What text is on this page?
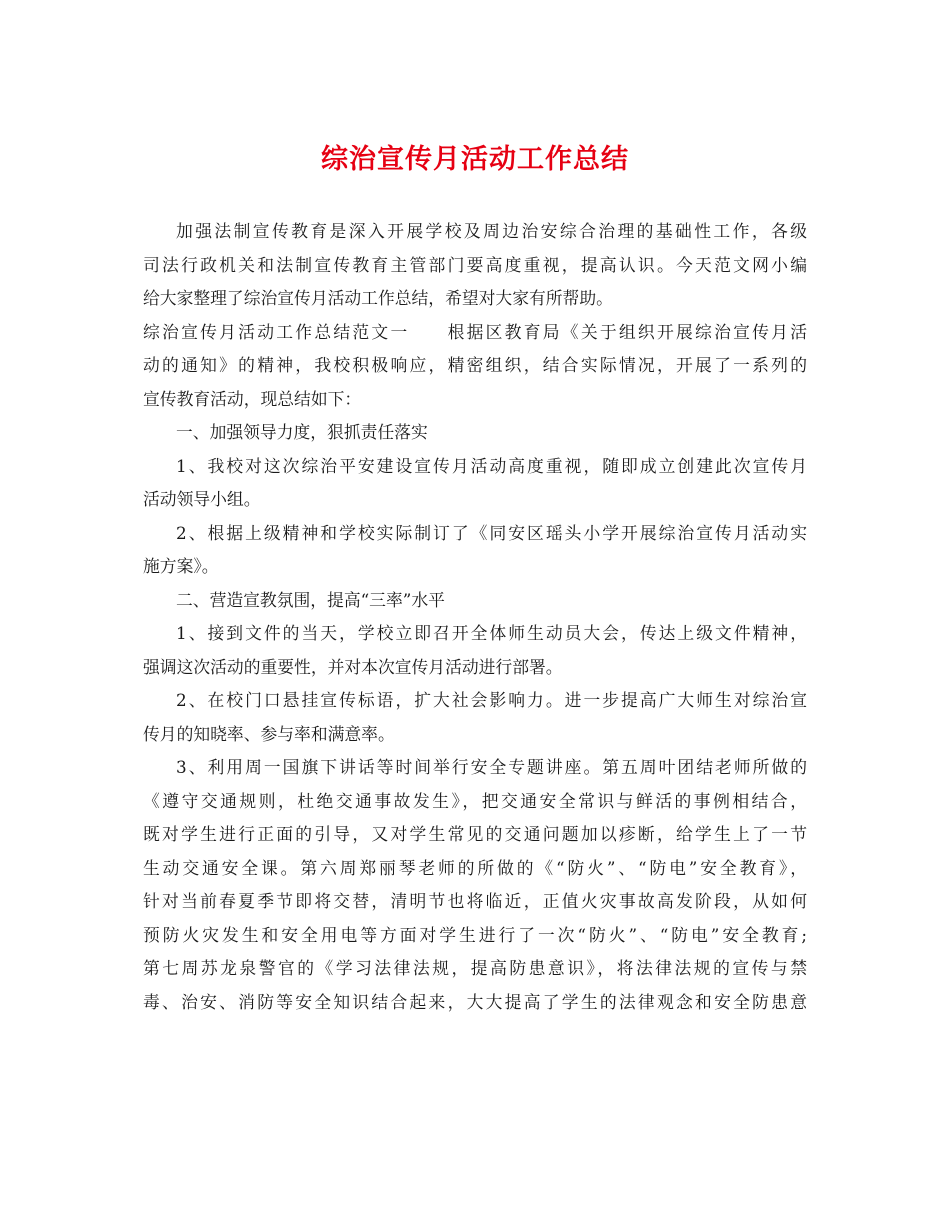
综治宣传月活动工作总结
加强法制宣传教育是深入开展学校及周边治安综合治理的基础性工作，各级
司法行政机关和法制宣传教育主管部门要高度重视，提高认识。今天范文网小编
给大家整理了综治宣传月活动工作总结，希望对大家有所帮助。
综治宣传月活动工作总结范文一　　根据区教育局《关于组织开展综治宣传月活
动的通知》的精神，我校积极响应，精密组织，结合实际情况，开展了一系列的
宣传教育活动，现总结如下：
一、加强领导力度，狠抓责任落实
1、我校对这次综治平安建设宣传月活动高度重视，随即成立创建此次宣传月
活动领导小组。
2、根据上级精神和学校实际制订了《同安区瑶头小学开展综治宣传月活动实
施方案》。
二、营造宣教氛围，提高“三率”水平
1、接到文件的当天，学校立即召开全体师生动员大会，传达上级文件精神，
强调这次活动的重要性，并对本次宣传月活动进行部署。
2、在校门口悬挂宣传标语，扩大社会影响力。进一步提高广大师生对综治宣
传月的知晓率、参与率和满意率。
3、利用周一国旗下讲话等时间举行安全专题讲座。第五周叶团结老师所做的
《遵守交通规则，杜绝交通事故发生》，把交通安全常识与鲜活的事例相结合，
既对学生进行正面的引导，又对学生常见的交通问题加以疹断，给学生上了一节
生动交通安全课。第六周郑丽琴老师的所做的《“防火”、“防电”安全教育》，
针对当前春夏季节即将交替，清明节也将临近，正值火灾事故高发阶段，从如何
预防火灾发生和安全用电等方面对学生进行了一次“防火”、“防电”安全教育;
第七周苏龙泉警官的《学习法律法规，提高防患意识》，将法律法规的宣传与禁
毒、治安、消防等安全知识结合起来，大大提高了学生的法律观念和安全防患意
